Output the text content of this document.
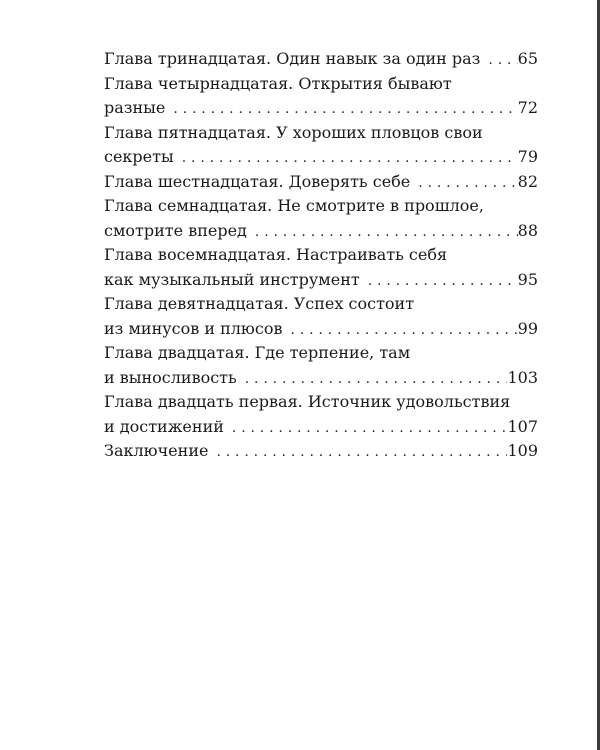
Глава тринадцатая. Один навык за один раз . . . 65
Глава четырнадцатая. Открытия бывают
разные . . .	72
Глава пятнадцатая. У хороших пловцов свои
секреты . . .	79
Глава шестнадцатая. Доверять себе . . .	82
Глава семнадцатая. Не смотрите в прошлое,
смотрите вперед . . .	88
Глава восемнадцатая. Настраивать себя
как музыкальный инструмент . . .	95
Глава девятнадцатая. Успех состоит
из минусов и плюсов . . .	99
Глава двадцатая. Где терпение, там
и выносливость . . .	103
Глава двадцать первая. Источник удовольствия
и достижений . . .	107
Заключение . . .	109
